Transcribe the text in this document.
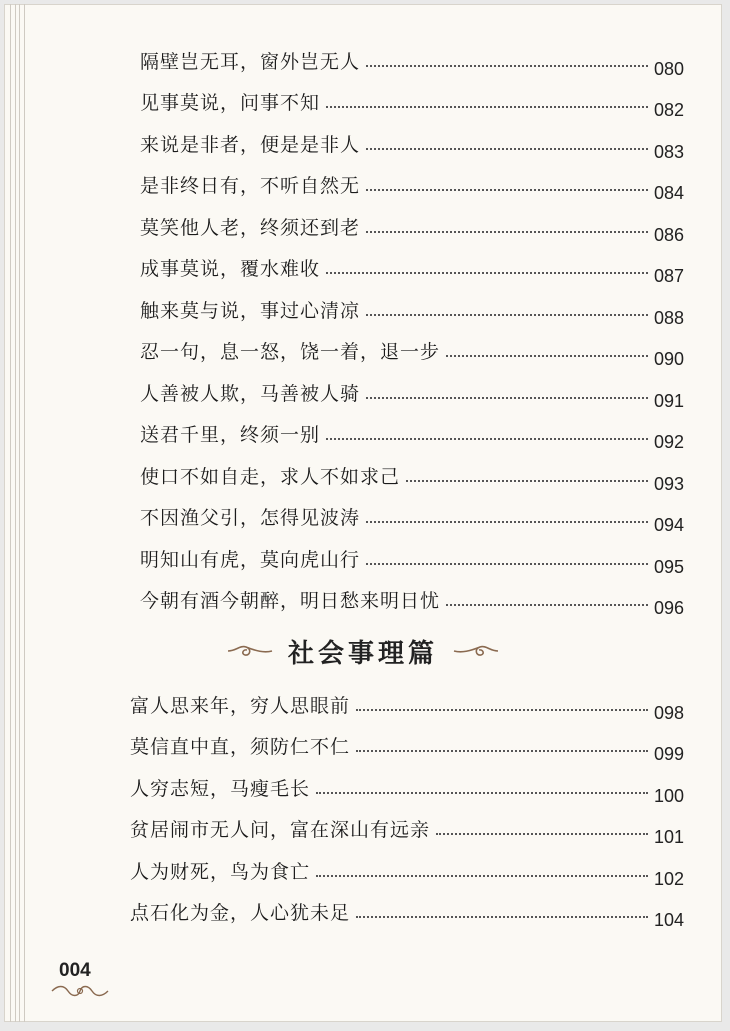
隔壁岂无耳，窗外岂无人	080
见事莫说，问事不知	082
来说是非者，便是是非人	083
是非终日有，不听自然无	084
莫笑他人老，终须还到老	086
成事莫说，覆水难收	087
触来莫与说，事过心清凉	088
忍一句，息一怒，饶一着，退一步	090
人善被人欺，马善被人骑	091
送君千里，终须一别	092
使口不如自走，求人不如求己	093
不因渔父引，怎得见波涛	094
明知山有虎，莫向虎山行	095
今朝有酒今朝醉，明日愁来明日忧	096
社会事理篇
富人思来年，穷人思眼前	098
莫信直中直，须防仁不仁	099
人穷志短，马瘦毛长	100
贫居闹市无人问，富在深山有远亲	101
人为财死，鸟为食亡	102
点石化为金，人心犹未足	104
004
